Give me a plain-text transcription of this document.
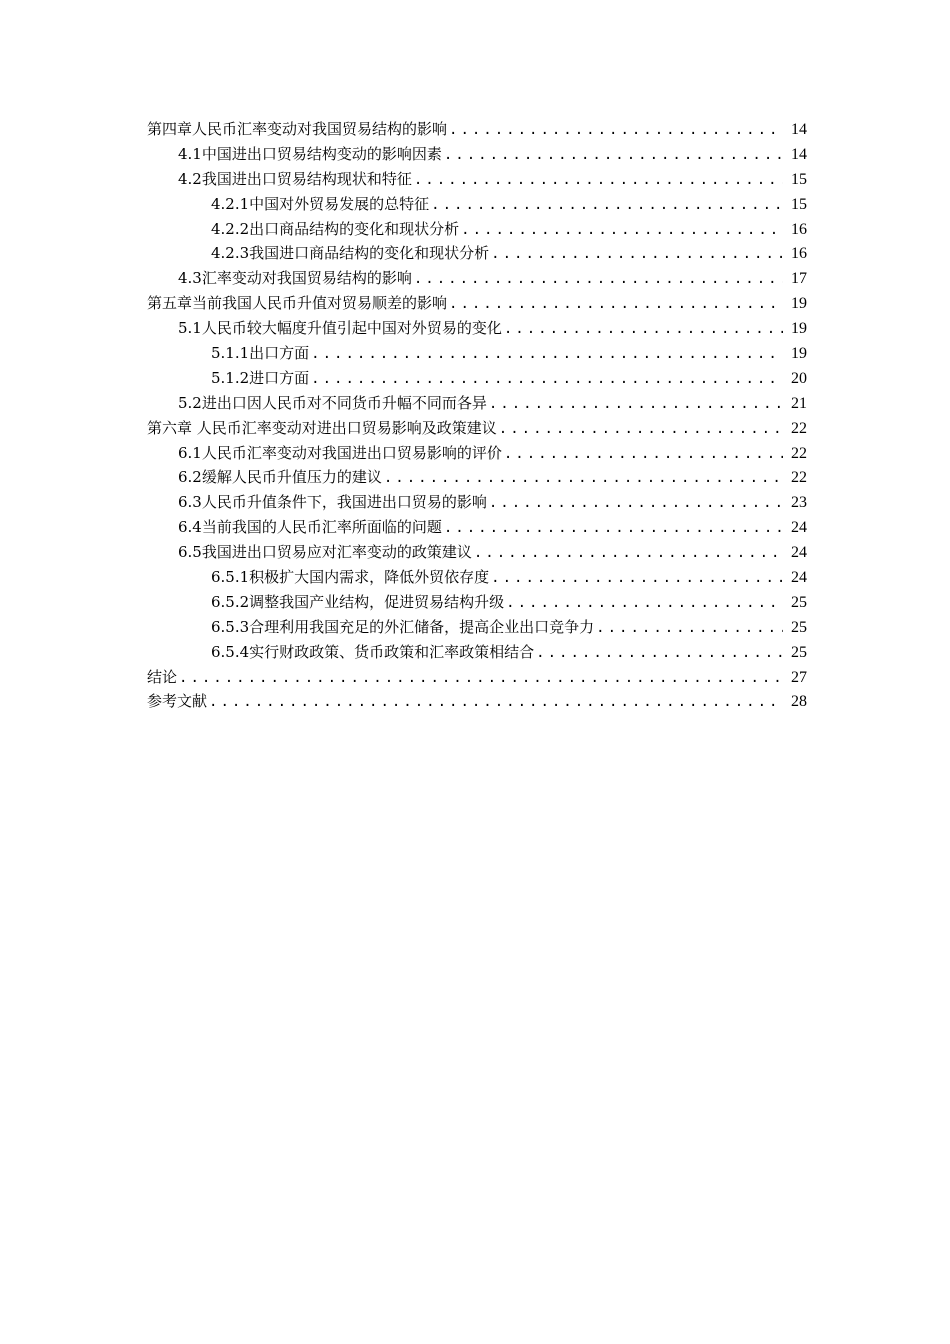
第四章人民币汇率变动对我国贸易结构的影响 .....	14
4.1中国进出口贸易结构变动的影响因素 .....	14
4.2我国进出口贸易结构现状和特征 .....	15
4.2.1中国对外贸易发展的总特征 .....	15
4.2.2出口商品结构的变化和现状分析 .....	16
4.2.3我国进口商品结构的变化和现状分析 .....	16
4.3汇率变动对我国贸易结构的影响 .....	17
第五章当前我国人民币升值对贸易顺差的影响 .....	19
5.1人民币较大幅度升值引起中国对外贸易的变化 .....	19
5.1.1出口方面 .....	19
5.1.2进口方面 .....	20
5.2进出口因人民币对不同货币升幅不同而各异 .....	21
第六章 人民币汇率变动对进出口贸易影响及政策建议 .....	22
6.1人民币汇率变动对我国进出口贸易影响的评价 .....	22
6.2缓解人民币升值压力的建议 .....	22
6.3人民币升值条件下，我国进出口贸易的影响 .....	23
6.4当前我国的人民币汇率所面临的问题 .....	24
6.5我国进出口贸易应对汇率变动的政策建议 .....	24
6.5.1积极扩大国内需求，降低外贸依存度 .....	24
6.5.2调整我国产业结构，促进贸易结构升级 .....	25
6.5.3合理利用我国充足的外汇储备，提高企业出口竞争力 .....	25
6.5.4实行财政政策、货币政策和汇率政策相结合 .....	25
结论 .....	27
参考文献 .....	28
